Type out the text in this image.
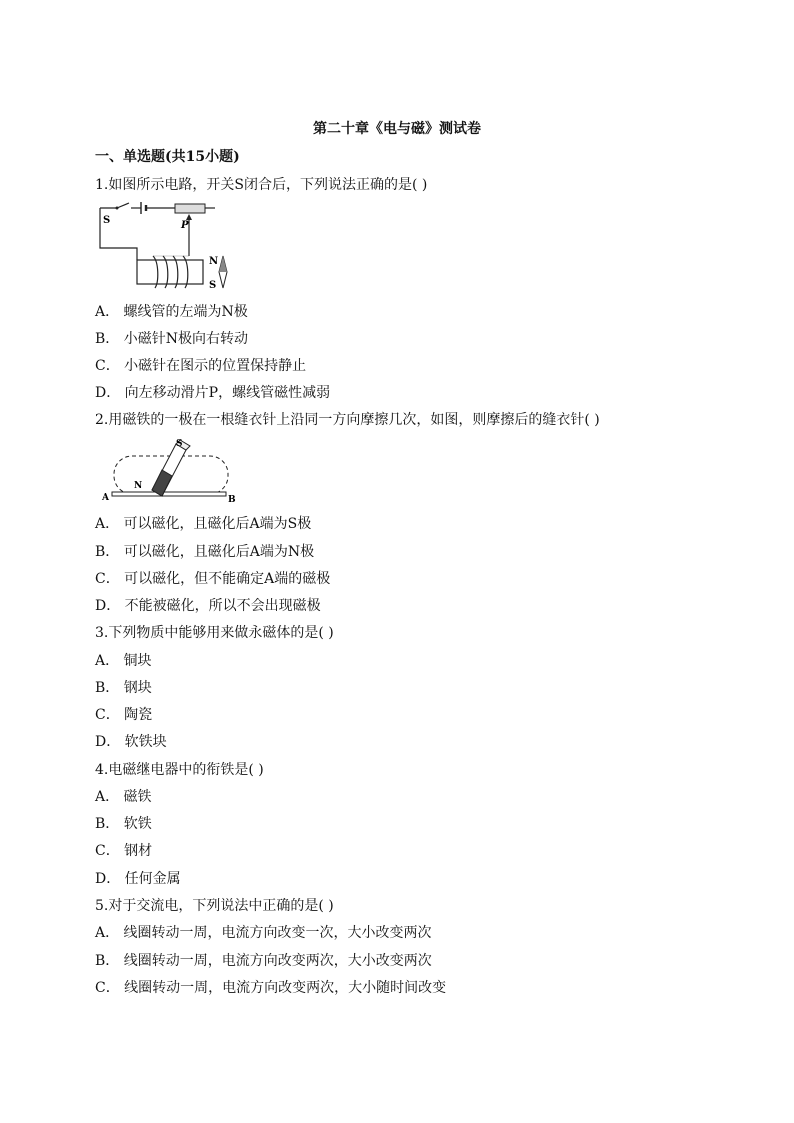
第二十章《电与磁》测试卷
一、单选题(共15小题)
1.如图所示电路，开关S闭合后，下列说法正确的是( )
S	P
N
S
A． 螺线管的左端为N极
B． 小磁针N极向右转动
C． 小磁针在图示的位置保持静止
D． 向左移动滑片P，螺线管磁性减弱
2.用磁铁的一极在一根缝衣针上沿同一方向摩擦几次，如图，则摩擦后的缝衣针( )
S
N
A	B
A． 可以磁化，且磁化后A端为S极
B． 可以磁化，且磁化后A端为N极
C． 可以磁化，但不能确定A端的磁极
D． 不能被磁化，所以不会出现磁极
3.下列物质中能够用来做永磁体的是( )
A． 铜块
B． 钢块
C． 陶瓷
D． 软铁块
4.电磁继电器中的衔铁是( )
A． 磁铁
B． 软铁
C． 钢材
D． 任何金属
5.对于交流电，下列说法中正确的是( )
A． 线圈转动一周，电流方向改变一次，大小改变两次
B． 线圈转动一周，电流方向改变两次，大小改变两次
C． 线圈转动一周，电流方向改变两次，大小随时间改变
